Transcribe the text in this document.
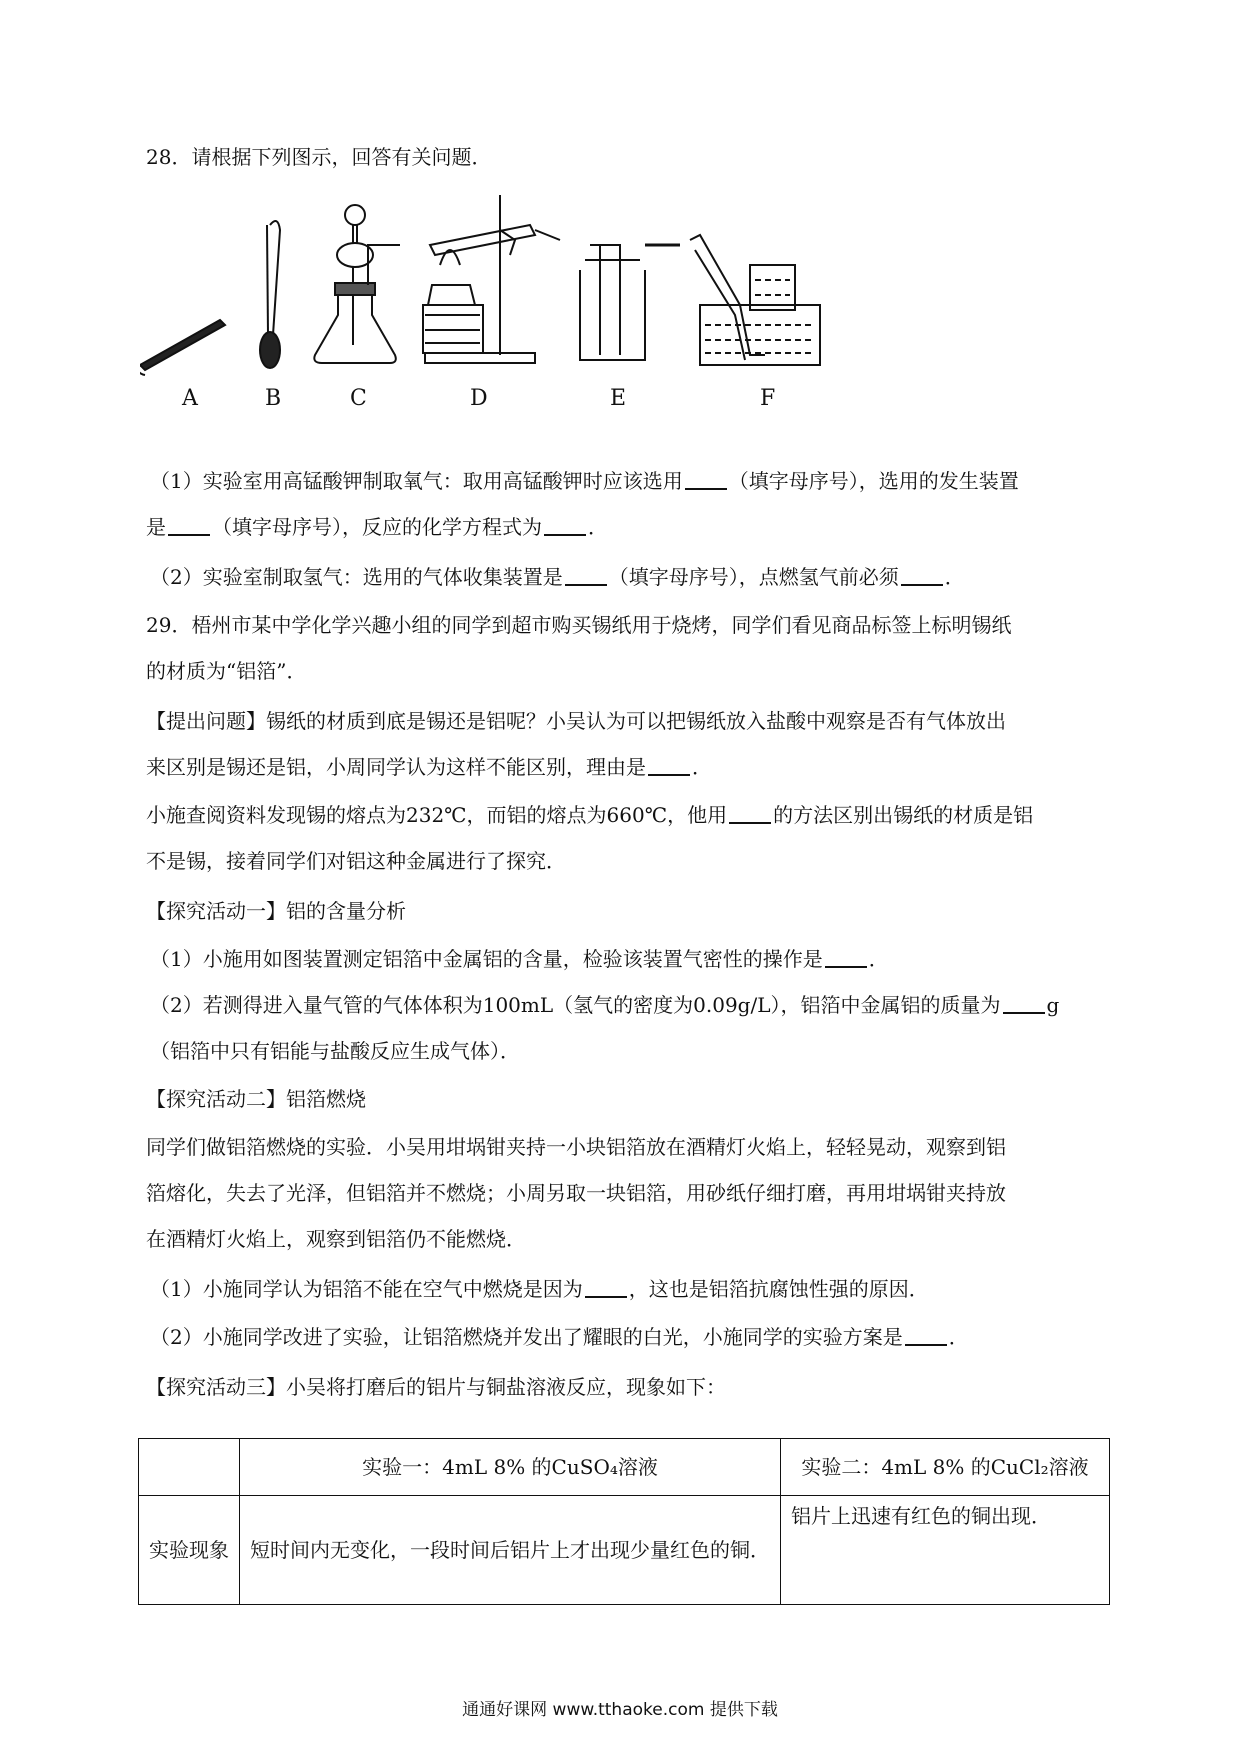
28．请根据下列图示，回答有关问题．
A	B	C	D	E	F
（1）实验室用高锰酸钾制取氧气：取用高锰酸钾时应该选用 （填字母序号），选用的发生装置
是 （填字母序号），反应的化学方程式为 ．
（2）实验室制取氢气：选用的气体收集装置是 （填字母序号），点燃氢气前必须 ．
29．梧州市某中学化学兴趣小组的同学到超市购买锡纸用于烧烤，同学们看见商品标签上标明锡纸
的材质为“铝箔”．
【提出问题】锡纸的材质到底是锡还是铝呢？小吴认为可以把锡纸放入盐酸中观察是否有气体放出
来区别是锡还是铝，小周同学认为这样不能区别，理由是 ．
小施查阅资料发现锡的熔点为232℃，而铝的熔点为660℃，他用 的方法区别出锡纸的材质是铝
不是锡，接着同学们对铝这种金属进行了探究．
【探究活动一】铝的含量分析
（1）小施用如图装置测定铝箔中金属铝的含量，检验该装置气密性的操作是 ．
（2）若测得进入量气管的气体体积为100mL（氢气的密度为0.09g/L），铝箔中金属铝的质量为 g
（铝箔中只有铝能与盐酸反应生成气体）．
【探究活动二】铝箔燃烧
同学们做铝箔燃烧的实验．小吴用坩埚钳夹持一小块铝箔放在酒精灯火焰上，轻轻晃动，观察到铝
箔熔化，失去了光泽，但铝箔并不燃烧；小周另取一块铝箔，用砂纸仔细打磨，再用坩埚钳夹持放
在酒精灯火焰上，观察到铝箔仍不能燃烧．
（1）小施同学认为铝箔不能在空气中燃烧是因为 ，这也是铝箔抗腐蚀性强的原因．
（2）小施同学改进了实验，让铝箔燃烧并发出了耀眼的白光，小施同学的实验方案是 ．
【探究活动三】小吴将打磨后的铝片与铜盐溶液反应，现象如下：
	实验一：4mL 8% 的CuSO₄溶液	实验二：4mL 8% 的CuCl₂溶液
实验现象	短时间内无变化，一段时间后铝片上才出现少量红色的铜．	铝片上迅速有红色的铜出现．
通通好课网 www.tthaoke.com 提供下载
